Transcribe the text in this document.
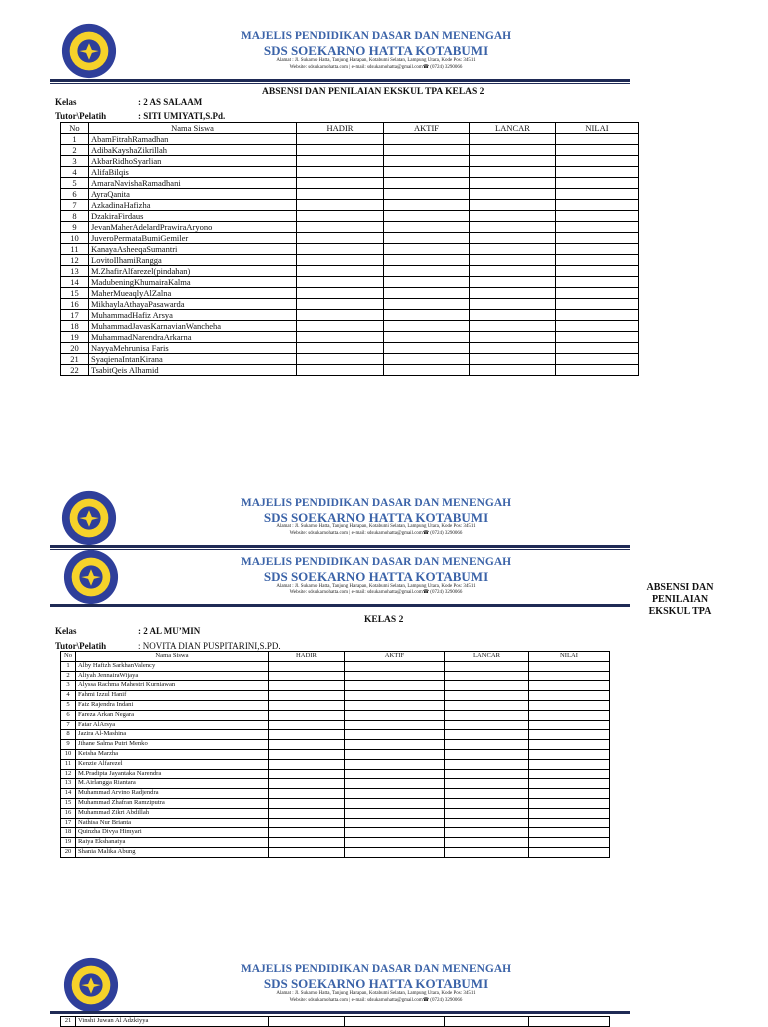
MAJELIS PENDIDIKAN DASAR DAN MENENGAH
SDS SOEKARNO HATTA KOTABUMI
Alamat : Jl. Sukarno Hatta, Tanjung Harapan, Kotabumi Selatan, Lampung Utara, Kode Pos: 34511
Website: sdsukarnohatta.com | e-mail: sdsukarnohatta@gmail.com☎ (0724) 3290066
ABSENSI DAN PENILAIAN EKSKUL TPA KELAS 2
Kelas	: 2 AS SALAAM
Tutor\Pelatih	: SITI UMIYATI,S.Pd.
No	Nama Siswa	HADIR	AKTIF	LANCAR	NILAI
1	AbamFitrahRamadhan				
2	AdibaKayshaZikrillah				
3	AkbarRidhoSyarlian				
4	AlifaBilqis				
5	AmaraNavishaRamadhani				
6	AyraQanita				
7	AzkadinaHafizha				
8	DzakiraFirdaus				
9	JevanMaherAdelardPrawiraAryono				
10	JuveroPermataBumiGemiler				
11	KanayaAsheeqaSumantri				
12	LovitoIlhamiRangga				
13	M.ZhafirAlfarezel(pindahan)				
14	MadubeningKhumairaKalma				
15	MaherMueaqlyAlZalna				
16	MikhaylaAthayaPasawarda				
17	MuhammadHafiz Arsya				
18	MuhammadJavasKarnavianWancheha				
19	MuhammadNarendraArkarna				
20	NayyaMehrunisa Faris				
21	SyaqienaIntanKirana				
22	TsabitQeis Alhamid				
MAJELIS PENDIDIKAN DASAR DAN MENENGAH
SDS SOEKARNO HATTA KOTABUMI
Alamat : Jl. Sukarno Hatta, Tanjung Harapan, Kotabumi Selatan, Lampung Utara, Kode Pos: 34511
Website: sdsukarnohatta.com | e-mail: sdsukarnohatta@gmail.com☎ (0724) 3290066
MAJELIS PENDIDIKAN DASAR DAN MENENGAH
SDS SOEKARNO HATTA KOTABUMI
Alamat : Jl. Sukarno Hatta, Tanjung Harapan, Kotabumi Selatan, Lampung Utara, Kode Pos: 34511
Website: sdsukarnohatta.com | e-mail: sdsukarnohatta@gmail.com☎ (0724) 3290066	ABSENSI DAN
PENILAIAN
EKSKUL TPA
KELAS 2
Kelas	: 2 AL MU’MIN
Tutor\Pelatih	: NOVITA DIAN PUSPITARINI,S.PD.
No	Nama Siswa	HADIR	AKTIF	LANCAR	NILAI
1	Alby Hafizh SarkhanValency				
2	Aliyah JennairaWijaya				
3	Alyssa Rachma Mahestri Kurniawan				
4	Fahmi Izzul Hanif				
5	Faiz Rajendra Indani				
6	Fareza Arkan Negara				
7	Fatar AlArsya				
8	Jazira Al-Mashina				
9	Jihane Salma Putri Menko				
10	Keisha Marzha				
11	Kenzie Alfarezel				
12	M.Pradipta Jayantaka Narendra				
13	M.Airlangga Riantara				
14	Muhammad Arvino Radjendra				
15	Muhammad Zhafran Ramziputra				
16	Muhammad Zikri Abdillah				
17	Nathisa Nur Brianta				
18	Quinzha Divya Himyari				
19	Raiya Ekshanatya				
20	Shania Malika Abung				
MAJELIS PENDIDIKAN DASAR DAN MENENGAH
SDS SOEKARNO HATTA KOTABUMI
Alamat : Jl. Sukarno Hatta, Tanjung Harapan, Kotabumi Selatan, Lampung Utara, Kode Pos: 34511
Website: sdsukarnohatta.com | e-mail: sdsukarnohatta@gmail.com☎ (0724) 3290066
21	Vinshi Juwan Al Adzkiyya				
